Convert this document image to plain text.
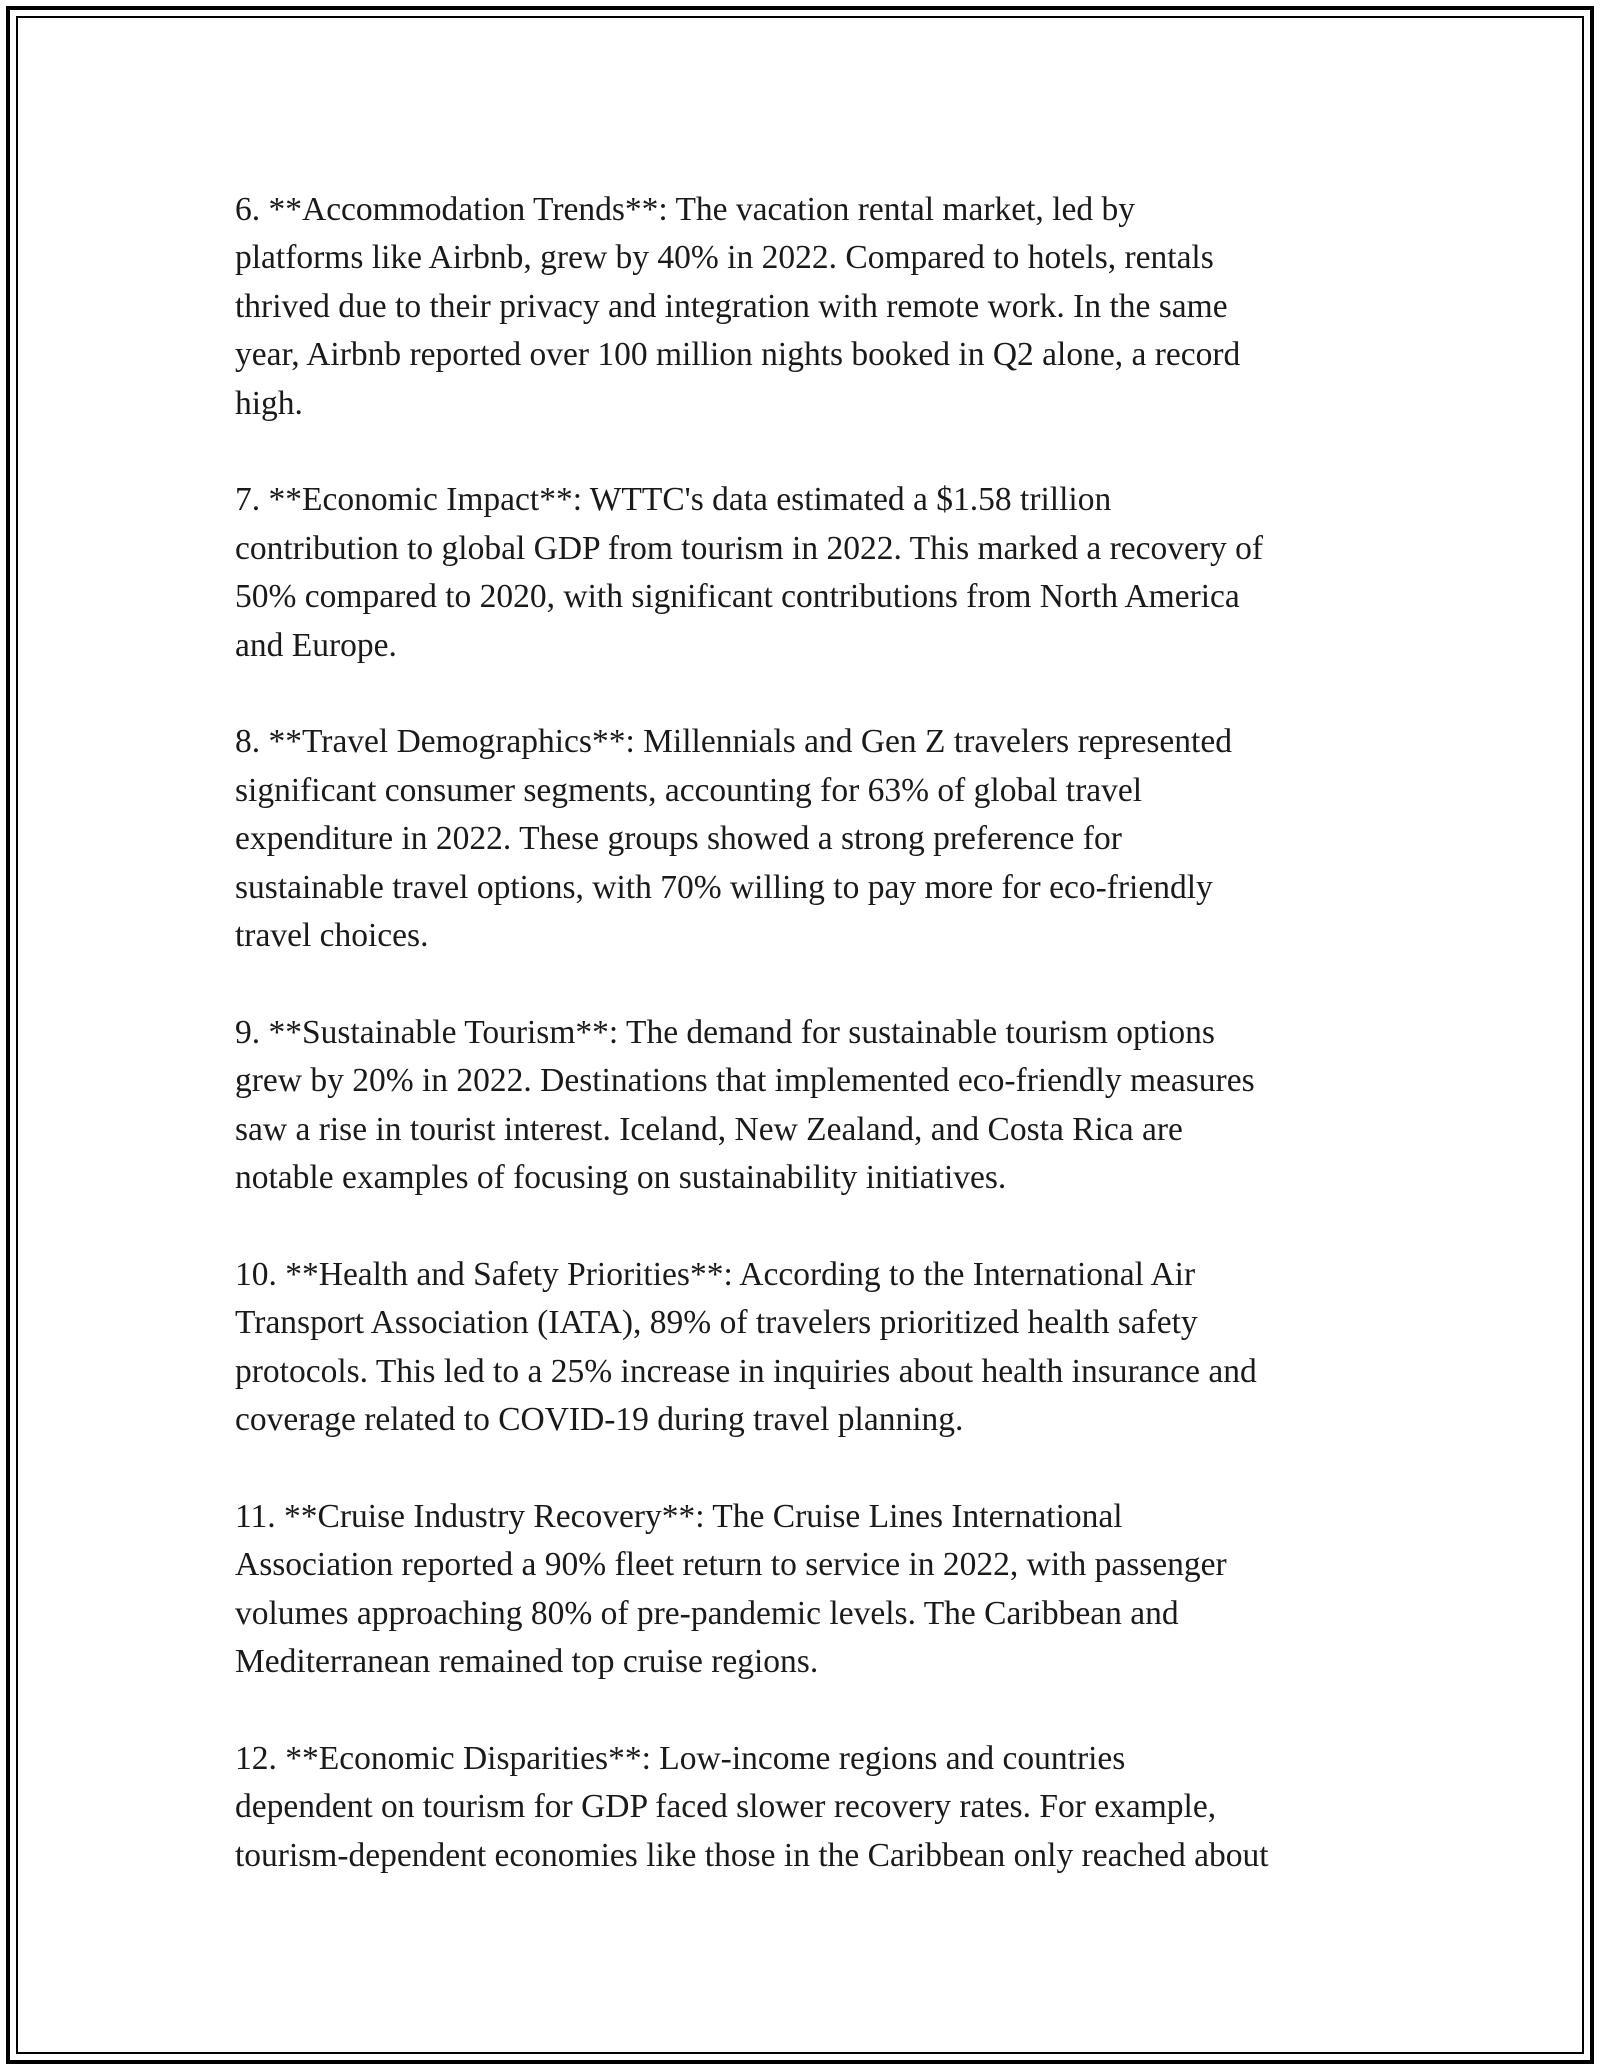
6. **Accommodation Trends**: The vacation rental market, led by
platforms like Airbnb, grew by 40% in 2022. Compared to hotels, rentals
thrived due to their privacy and integration with remote work. In the same
year, Airbnb reported over 100 million nights booked in Q2 alone, a record
high.

7. **Economic Impact**: WTTC's data estimated a $1.58 trillion
contribution to global GDP from tourism in 2022. This marked a recovery of
50% compared to 2020, with significant contributions from North America
and Europe.

8. **Travel Demographics**: Millennials and Gen Z travelers represented
significant consumer segments, accounting for 63% of global travel
expenditure in 2022. These groups showed a strong preference for
sustainable travel options, with 70% willing to pay more for eco-friendly
travel choices.

9. **Sustainable Tourism**: The demand for sustainable tourism options
grew by 20% in 2022. Destinations that implemented eco-friendly measures
saw a rise in tourist interest. Iceland, New Zealand, and Costa Rica are
notable examples of focusing on sustainability initiatives.

10. **Health and Safety Priorities**: According to the International Air
Transport Association (IATA), 89% of travelers prioritized health safety
protocols. This led to a 25% increase in inquiries about health insurance and
coverage related to COVID-19 during travel planning.

11. **Cruise Industry Recovery**: The Cruise Lines International
Association reported a 90% fleet return to service in 2022, with passenger
volumes approaching 80% of pre-pandemic levels. The Caribbean and
Mediterranean remained top cruise regions.

12. **Economic Disparities**: Low-income regions and countries
dependent on tourism for GDP faced slower recovery rates. For example,
tourism-dependent economies like those in the Caribbean only reached about
